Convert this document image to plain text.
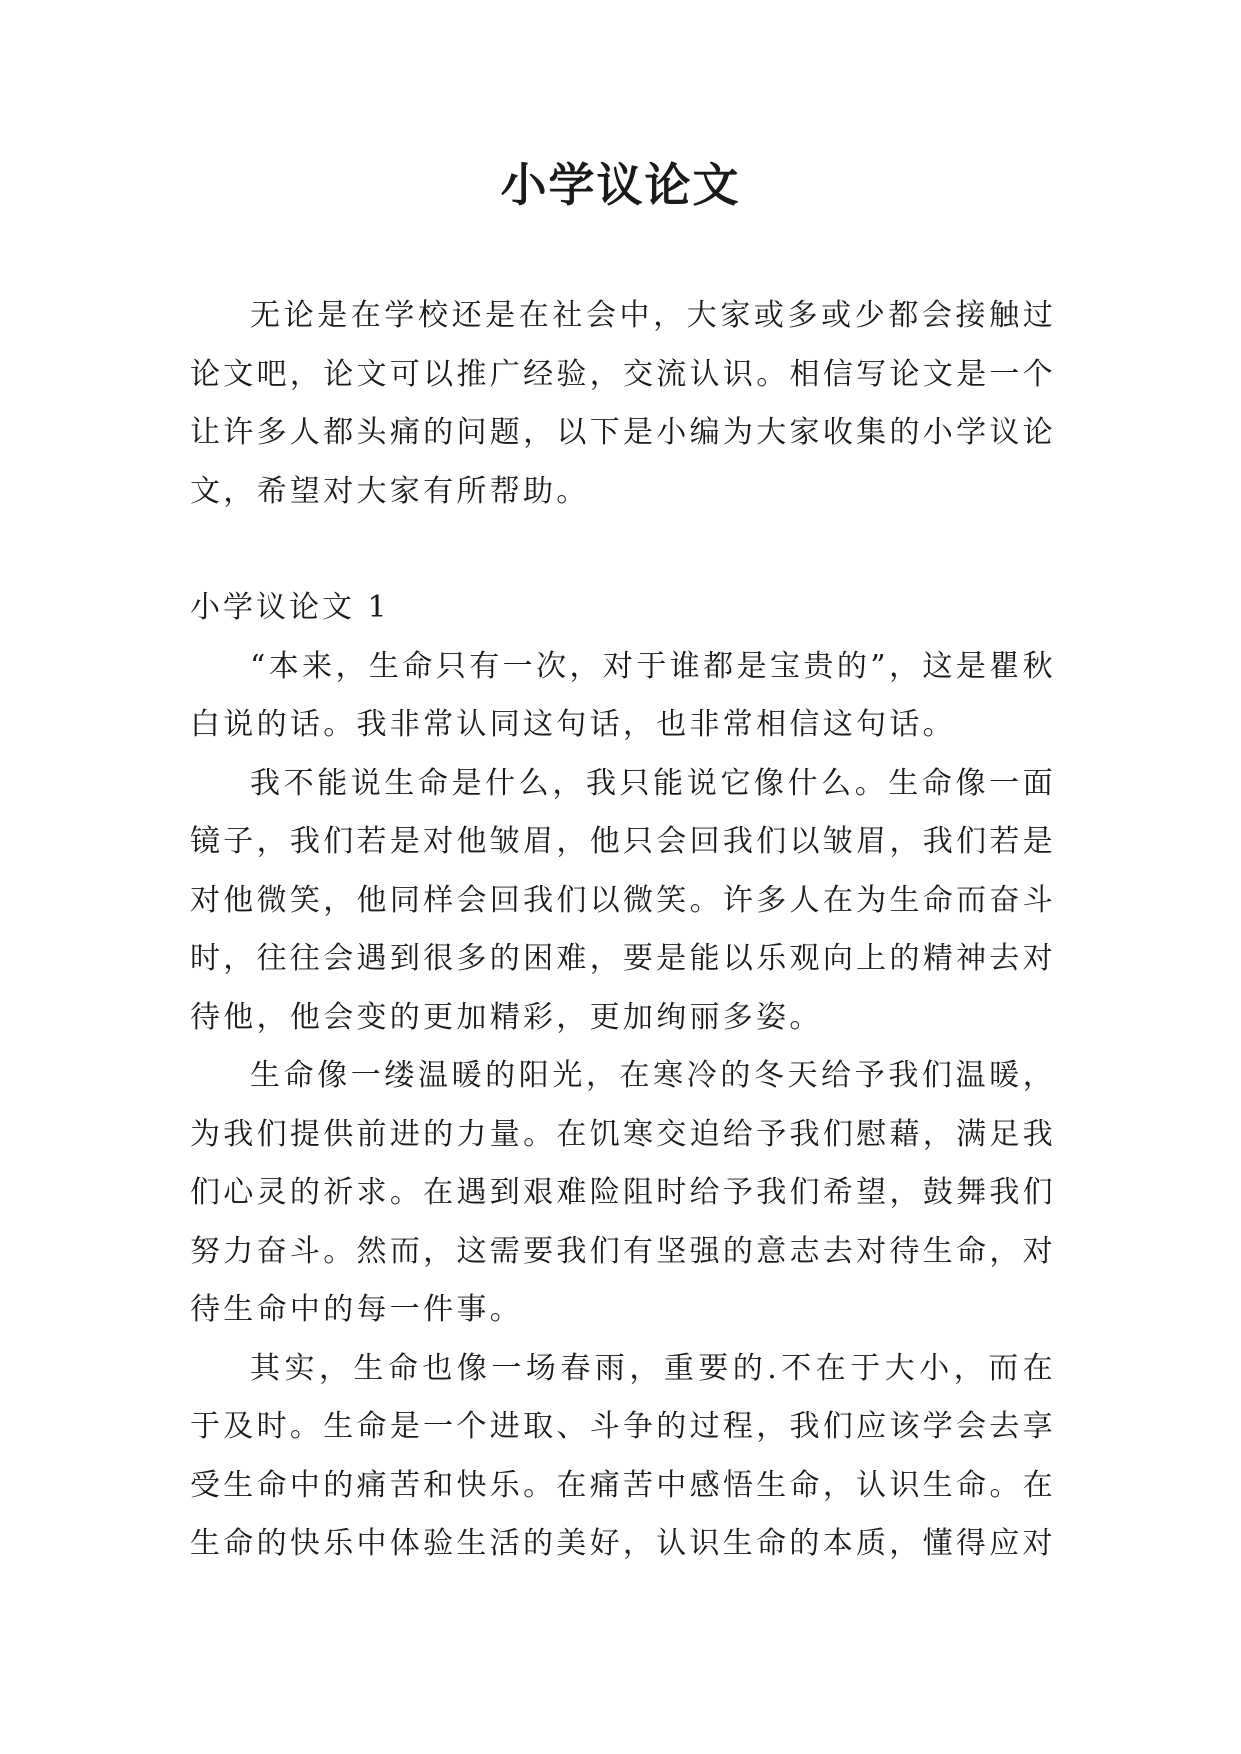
小学议论文

无论是在学校还是在社会中，大家或多或少都会接触过论文吧，论文可以推广经验，交流认识。相信写论文是一个让许多人都头痛的问题，以下是小编为大家收集的小学议论文，希望对大家有所帮助。

小学议论文 1

“本来，生命只有一次，对于谁都是宝贵的”，这是瞿秋白说的话。我非常认同这句话，也非常相信这句话。

我不能说生命是什么，我只能说它像什么。生命像一面镜子，我们若是对他皱眉，他只会回我们以皱眉，我们若是对他微笑，他同样会回我们以微笑。许多人在为生命而奋斗时，往往会遇到很多的困难，要是能以乐观向上的精神去对待他，他会变的更加精彩，更加绚丽多姿。

生命像一缕温暖的阳光，在寒冷的冬天给予我们温暖，为我们提供前进的力量。在饥寒交迫给予我们慰藉，满足我们心灵的祈求。在遇到艰难险阻时给予我们希望，鼓舞我们努力奋斗。然而，这需要我们有坚强的意志去对待生命，对待生命中的每一件事。

其实，生命也像一场春雨，重要的.不在于大小，而在于及时。生命是一个进取、斗争的过程，我们应该学会去享受生命中的痛苦和快乐。在痛苦中感悟生命，认识生命。在生命的快乐中体验生活的美好，认识生命的本质，懂得应对
